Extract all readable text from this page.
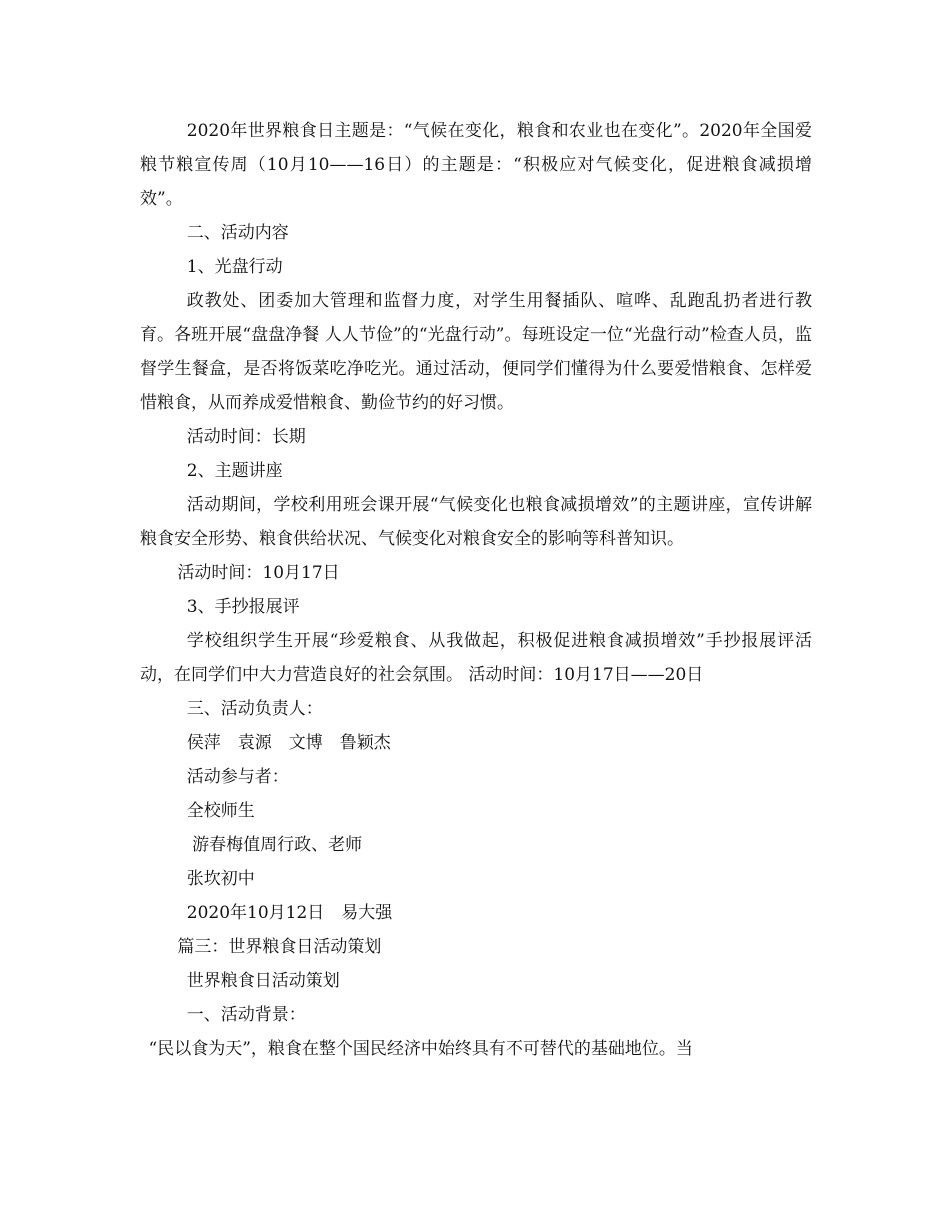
2020年世界粮食日主题是：“气候在变化，粮食和农业也在变化”。2020年全国爱粮节粮宣传周（10月10——16日）的主题是：“积极应对气候变化，促进粮食减损增效”。

二、活动内容

1、光盘行动

政教处、团委加大管理和监督力度，对学生用餐插队、喧哗、乱跑乱扔者进行教育。各班开展“盘盘净餐 人人节俭”的“光盘行动”。每班设定一位“光盘行动”检查人员，监督学生餐盒，是否将饭菜吃净吃光。通过活动，便同学们懂得为什么要爱惜粮食、怎样爱惜粮食，从而养成爱惜粮食、勤俭节约的好习惯。

活动时间：长期

2、主题讲座

活动期间，学校利用班会课开展“气候变化也粮食减损增效”的主题讲座，宣传讲解粮食安全形势、粮食供给状况、气候变化对粮食安全的影响等科普知识。

活动时间：10月17日

3、手抄报展评

学校组织学生开展“珍爱粮食、从我做起，积极促进粮食减损增效”手抄报展评活动，在同学们中大力营造良好的社会氛围。 活动时间：10月17日——20日

三、活动负责人：

侯萍　袁源　文博　鲁颖杰

活动参与者：

全校师生

游春梅值周行政、老师

张坎初中

2020年10月12日　易大强

篇三：世界粮食日活动策划

世界粮食日活动策划

一、活动背景：

“民以食为天”，粮食在整个国民经济中始终具有不可替代的基础地位。当
